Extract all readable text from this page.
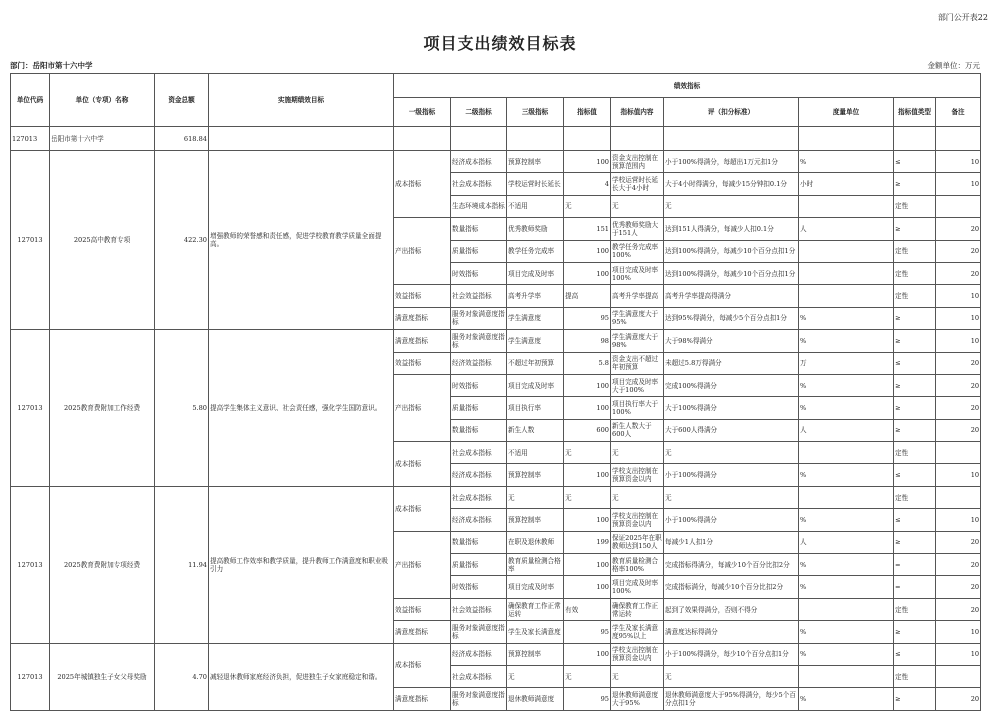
部门公开表22
项目支出绩效目标表
部门：岳阳市第十六中学	金额单位：万元
单位代码	单位（专项）名称	资金总额	实施期绩效目标	绩效指标								
				一级指标	二级指标	三级指标	指标值	指标值内容	评（扣分标准）	度量单位	指标值类型	备注
127013	岳阳市第十六中学	618.84										
127013	2025高中教育专项	422.30	增强教师的荣誉感和责任感，促进学校教育教学质量全面提高。	成本指标	经济成本指标	预算控制率	100	资金支出控制在预算范围内	小于100%得满分，每超出1万元扣1分	%	≤	10
					社会成本指标	学校运营时长延长	4	学校运营时长延长大于4小时	大于4小时得满分，每减少15分钟扣0.1分	小时	≥	10
					生态环境成本指标	不适用	无	无	无		定性	
				产出指标	数量指标	优秀教师奖励	151	优秀教师奖励大于151人	达到151人得满分，每减少人扣0.1分	人	≥	20
					质量指标	教学任务完成率	100	教学任务完成率100%	达到100%得满分，每减少10个百分点扣1分		定性	20
					时效指标	项目完成及时率	100	项目完成及时率100%	达到100%得满分，每减少10个百分点扣1分		定性	20
				效益指标	社会效益指标	高考升学率	提高	高考升学率提高	高考升学率提高得满分		定性	10
				满意度指标	服务对象满意度指标	学生满意度	95	学生满意度大于95%	达到95%得满分，每减少5个百分点扣1分	%	≥	10
127013	2025教育费附加工作经费	5.80	提高学生集体主义意识、社会责任感，强化学生国防意识。	满意度指标	服务对象满意度指标	学生满意度	98	学生满意度大于98%	大于98%得满分	%	≥	10
				效益指标	经济效益指标	不超过年初预算	5.8	资金支出不超过年初预算	未超过5.8万得满分	万	≤	20
				产出指标	时效指标	项目完成及时率	100	项目完成及时率大于100%	完成100%得满分	%	≥	20
					质量指标	项目执行率	100	项目执行率大于100%	大于100%得满分	%	≥	20
					数量指标	新生人数	600	新生人数大于600人	大于600人得满分	人	≥	20
				成本指标	社会成本指标	不适用	无	无	无		定性	
					经济成本指标	预算控制率	100	学校支出控制在预算资金以内	小于100%得满分	%	≤	10
127013	2025教育费附加专项经费	11.94	提高教师工作效率和教学质量，提升教师工作满意度和职业吸引力	成本指标	社会成本指标	无	无	无	无		定性	
					经济成本指标	预算控制率	100	学校支出控制在预算资金以内	小于100%得满分	%	≤	10
				产出指标	数量指标	在职及退休教师	199	保证2025年在职教师达到150人	每减少1人扣1分	人	≥	20
					质量指标	教育质量检测合格率	100	教育质量检测合格率100%	完成指标得满分，每减少10个百分比扣2分	%	=	20
					时效指标	项目完成及时率	100	项目完成及时率100%	完成指标满分，每减少10个百分比扣2分	%	=	20
				效益指标	社会效益指标	确保教育工作正常运转	有效	确保教育工作正常运转	起到了效果得满分，否则不得分		定性	20
				满意度指标	服务对象满意度指标	学生及家长满意度	95	学生及家长满意度95%以上	满意度达标得满分	%	≥	10
127013	2025年城镇独生子女父母奖励	4.70	减轻退休教师家庭经济负担，促进独生子女家庭稳定和谐。	成本指标	经济成本指标	预算控制率	100	学校支出控制在预算资金以内	小于100%得满分，每少10个百分点扣1分	%	≤	10
					社会成本指标	无	无	无	无		定性	
				满意度指标	服务对象满意度指标	退休教师满意度	95	退休教师满意度大于95%	退休教师满意度大于95%得满分，每少5个百分点扣1分	%	≥	20
